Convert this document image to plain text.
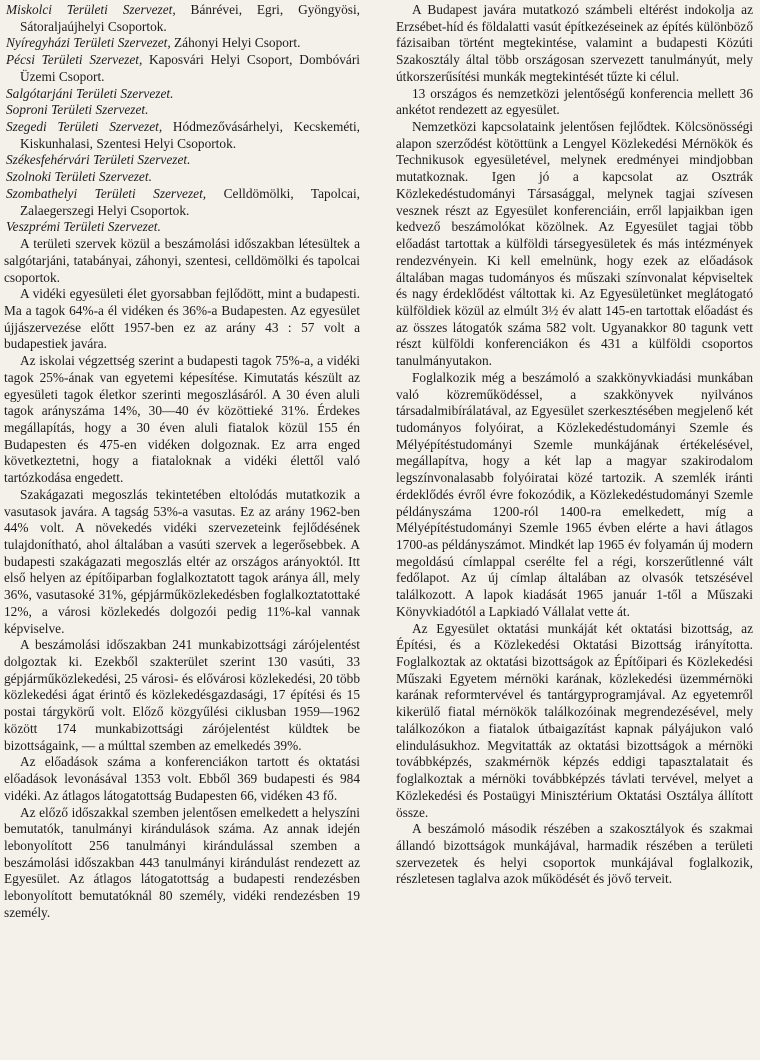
Miskolci Területi Szervezet, Bánrévei, Egri, Gyöngyösi, Sátoraljaújhelyi Csoportok.

Nyíregyházi Területi Szervezet, Záhonyi Helyi Csoport.

Pécsi Területi Szervezet, Kaposvári Helyi Csoport, Dombóvári Üzemi Csoport.

Salgótarjáni Területi Szervezet.

Soproni Területi Szervezet.

Szegedi Területi Szervezet, Hódmezővásárhelyi, Kecskeméti, Kiskunhalasi, Szentesi Helyi Csoportok.

Székesfehérvári Területi Szervezet.

Szolnoki Területi Szervezet.

Szombathelyi Területi Szervezet, Celldömölki, Tapolcai, Zalaegerszegi Helyi Csoportok.

Veszprémi Területi Szervezet.

A területi szervek közül a beszámolási időszakban létesültek a salgótarjáni, tatabányai, záhonyi, szentesi, celldömölki és tapolcai csoportok.

A vidéki egyesületi élet gyorsabban fejlődött, mint a budapesti. Ma a tagok 64%-a él vidéken és 36%-a Budapesten. Az egyesület újjászervezése előtt 1957-ben ez az arány 43 : 57 volt a budapestiek javára.

Az iskolai végzettség szerint a budapesti tagok 75%-a, a vidéki tagok 25%-ának van egyetemi képesítése. Kimutatás készült az egyesületi tagok életkor szerinti megoszlásáról. A 30 éven aluli tagok arányszáma 14%, 30—40 év közöttieké 31%. Érdekes megállapítás, hogy a 30 éven aluli fiatalok közül 155 én Budapesten és 475-en vidéken dolgoznak. Ez arra enged következtetni, hogy a fiataloknak a vidéki élettől való tartózkodása engedett.

Szakágazati megoszlás tekintetében eltolódás mutatkozik a vasutasok javára. A tagság 53%-a vasutas. Ez az arány 1962-ben 44% volt. A növekedés vidéki szervezeteink fejlődésének tulajdonítható, ahol általában a vasúti szervek a legerősebbek. A budapesti szakágazati megoszlás eltér az országos arányoktól. Itt első helyen az építőiparban foglalkoztatott tagok aránya áll, mely 36%, vasutasoké 31%, gépjárműközlekedésben foglalkoztatottaké 12%, a városi közlekedés dolgozói pedig 11%-kal vannak képviselve.

A beszámolási időszakban 241 munkabizottsági zárójelentést dolgoztak ki. Ezekből szakterület szerint 130 vasúti, 33 gépjárműközlekedési, 25 városi- és elővárosi közlekedési, 20 több közlekedési ágat érintő és közlekedésgazdasági, 17 építési és 15 postai tárgykörű volt. Előző közgyűlési ciklusban 1959—1962 között 174 munkabizottsági zárójelentést küldtek be bizottságaink, — a múlttal szemben az emelkedés 39%.

Az előadások száma a konferenciákon tartott és oktatási előadások levonásával 1353 volt. Ebből 369 budapesti és 984 vidéki. Az átlagos látogatottság Budapesten 66, vidéken 43 fő.

Az előző időszakkal szemben jelentősen emelkedett a helyszíni bemutatók, tanulmányi kirándulások száma. Az annak idején lebonyolított 256 tanulmányi kirándulással szemben a beszámolási időszakban 443 tanulmányi kirándulást rendezett az Egyesület. Az átlagos látogatottság a budapesti rendezésben lebonyolított bemutatóknál 80 személy, vidéki rendezésben 19 személy.

A Budapest javára mutatkozó számbeli eltérést indokolja az Erzsébet-híd és földalatti vasút építkezéseinek az építés különböző fázisaiban történt megtekintése, valamint a budapesti Közúti Szakosztály által több országosan szervezett tanulmányút, mely útkorszerűsítési munkák megtekintését tűzte ki célul.

13 országos és nemzetközi jelentőségű konferencia mellett 36 ankétot rendezett az egyesület.

Nemzetközi kapcsolataink jelentősen fejlődtek. Kölcsönösségi alapon szerződést kötöttünk a Lengyel Közlekedési Mérnökök és Technikusok egyesületével, melynek eredményei mindjobban mutatkoznak. Igen jó a kapcsolat az Osztrák Közlekedéstudományi Társasággal, melynek tagjai szívesen vesznek részt az Egyesület konferenciáin, erről lapjaikban igen kedvező beszámolókat közölnek. Az Egyesület tagjai több előadást tartottak a külföldi társegyesületek és más intézmények rendezvényein. Ki kell emelnünk, hogy ezek az előadások általában magas tudományos és műszaki színvonalat képviseltek és nagy érdeklődést váltottak ki. Az Egyesületünket meglátogató külföldiek közül az elmúlt 3½ év alatt 145-en tartottak előadást és az összes látogatók száma 582 volt. Ugyanakkor 80 tagunk vett részt külföldi konferenciákon és 431 a külföldi csoportos tanulmányutakon.

Foglalkozik még a beszámoló a szakkönyvkiadási munkában való közreműködéssel, a szakkönyvek nyilvános társadalmibírálatával, az Egyesület szerkesztésében megjelenő két tudományos folyóirat, a Közlekedéstudományi Szemle és Mélyépítéstudományi Szemle munkájának értékelésével, megállapítva, hogy a két lap a magyar szakirodalom legszínvonalasabb folyóiratai közé tartozik. A szemlék iránti érdeklődés évről évre fokozódik, a Közlekedéstudományi Szemle példányszáma 1200-ról 1400-ra emelkedett, míg a Mélyépítéstudományi Szemle 1965 évben elérte a havi átlagos 1700-as példányszámot. Mindkét lap 1965 év folyamán új modern megoldású címlappal cserélte fel a régi, korszerűtlenné vált fedőlapot. Az új címlap általában az olvasók tetszésével találkozott. A lapok kiadását 1965 január 1-től a Műszaki Könyvkiadótól a Lapkiadó Vállalat vette át.

Az Egyesület oktatási munkáját két oktatási bizottság, az Építési, és a Közlekedési Oktatási Bizottság irányította. Foglalkoztak az oktatási bizottságok az Építőipari és Közlekedési Műszaki Egyetem mérnöki karának, közlekedési üzemmérnöki karának reformtervével és tantárgyprogramjával. Az egyetemről kikerülő fiatal mérnökök találkozóinak megrendezésével, mely találkozókon a fiatalok útbaigazítást kapnak pályájukon való elindulásukhoz. Megvitatták az oktatási bizottságok a mérnöki továbbképzés, szakmérnök képzés eddigi tapasztalatait és foglalkoztak a mérnöki továbbképzés távlati tervével, melyet a Közlekedési és Postaügyi Minisztérium Oktatási Osztálya állított össze.

A beszámoló második részében a szakosztályok és szakmai állandó bizottságok munkájával, harmadik részében a területi szervezetek és helyi csoportok munkájával foglalkozik, részletesen taglalva azok működését és jövő terveit.
